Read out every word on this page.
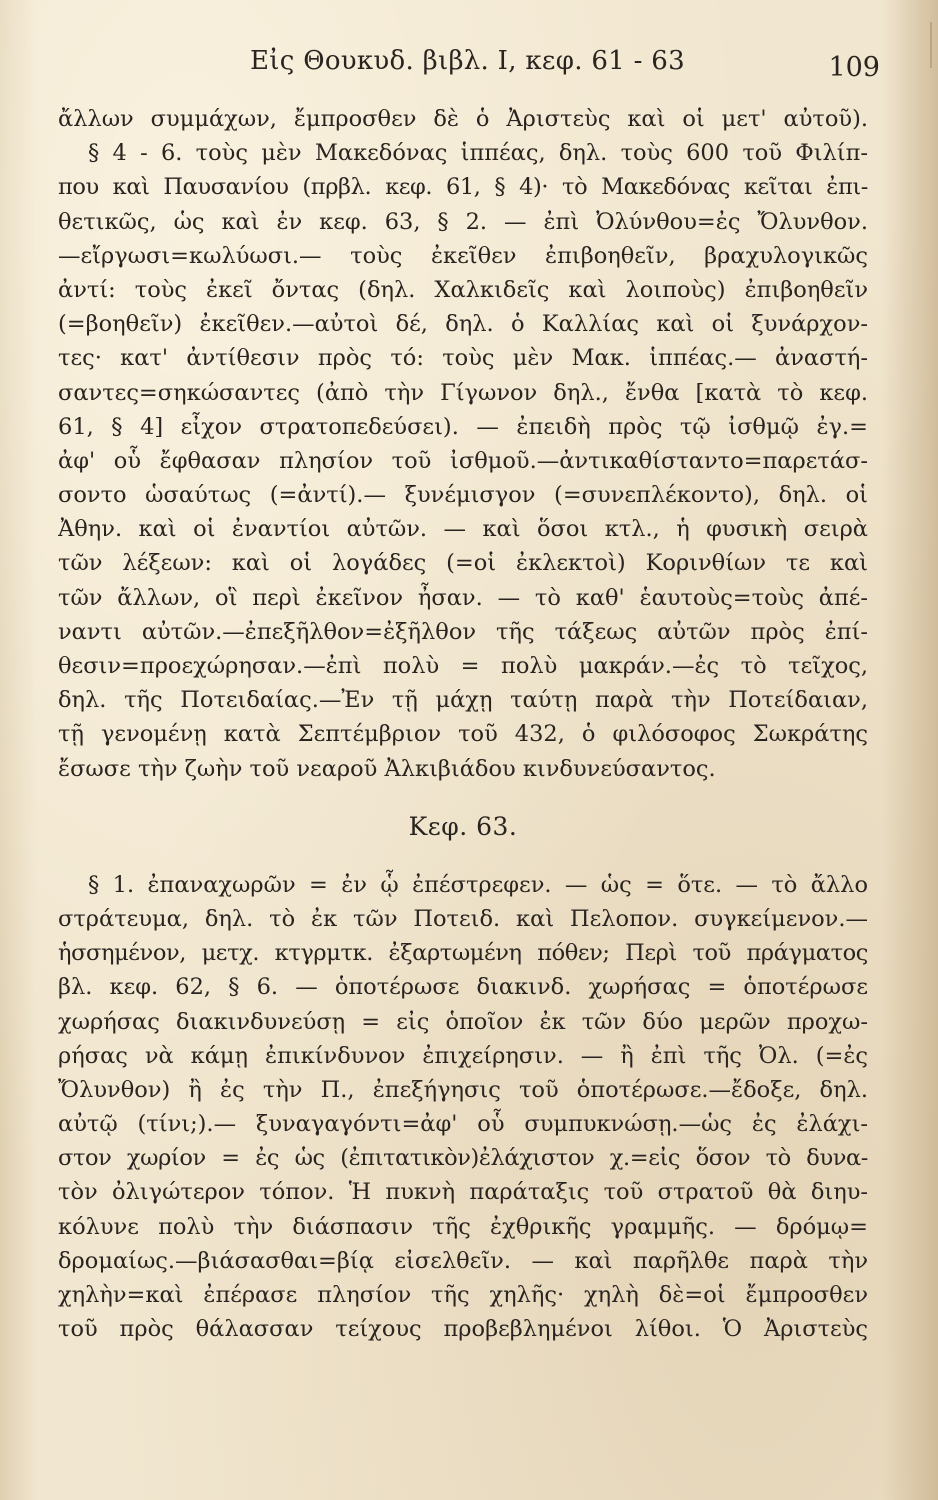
Εἰς Θουκυδ. βιβλ. Ι, κεφ. 61 - 63	109
ἄλλων συμμάχων, ἔμπροσθεν δὲ ὁ Ἀριστεὺς καὶ οἱ μετ' αὐτοῦ).
§ 4 - 6. τοὺς μὲν Μακεδόνας ἱππέας, δηλ. τοὺς 600 τοῦ Φιλίπ-
που καὶ Παυσανίου (πρβλ. κεφ. 61, § 4)· τὸ Μακεδόνας κεῖται ἐπι-
θετικῶς, ὡς καὶ ἐν κεφ. 63, § 2. — ἐπὶ Ὀλύνθου=ἐς Ὄλυνθον.
—εἴργωσι=κωλύωσι.— τοὺς ἐκεῖθεν ἐπιβοηθεῖν, βραχυλογικῶς
ἀντί: τοὺς ἐκεῖ ὄντας (δηλ. Χαλκιδεῖς καὶ λοιποὺς) ἐπιβοηθεῖν
(=βοηθεῖν) ἐκεῖθεν.—αὐτοὶ δέ, δηλ. ὁ Καλλίας καὶ οἱ ξυνάρχον-
τες· κατ' ἀντίθεσιν πρὸς τό: τοὺς μὲν Μακ. ἱππέας.— ἀναστή-
σαντες=σηκώσαντες (ἀπὸ τὴν Γίγωνον δηλ., ἔνθα [κατὰ τὸ κεφ.
61, § 4] εἶχον στρατοπεδεύσει). — ἐπειδὴ πρὸς τῷ ἰσθμῷ ἐγ.=
ἀφ' οὗ ἔφθασαν πλησίον τοῦ ἰσθμοῦ.—ἀντικαθίσταντο=παρετάσ-
σοντο ὡσαύτως (=ἀντί).— ξυνέμισγον (=συνεπλέκοντο), δηλ. οἱ
Ἀθην. καὶ οἱ ἐναντίοι αὐτῶν. — καὶ ὅσοι κτλ., ἡ φυσικὴ σειρὰ
τῶν λέξεων: καὶ οἱ λογάδες (=οἱ ἐκλεκτοὶ) Κορινθίων τε καὶ
τῶν ἄλλων, οἳ περὶ ἐκεῖνον ἦσαν. — τὸ καθ' ἑαυτοὺς=τοὺς ἀπέ-
ναντι αὐτῶν.—ἐπεξῆλθον=ἐξῆλθον τῆς τάξεως αὐτῶν πρὸς ἐπί-
θεσιν=προεχώρησαν.—ἐπὶ πολὺ = πολὺ μακράν.—ἐς τὸ τεῖχος,
δηλ. τῆς Ποτειδαίας.—Ἐν τῇ μάχῃ ταύτῃ παρὰ τὴν Ποτείδαιαν,
τῇ γενομένῃ κατὰ Σεπτέμβριον τοῦ 432, ὁ φιλόσοφος Σωκράτης
ἔσωσε τὴν ζωὴν τοῦ νεαροῦ Ἀλκιβιάδου κινδυνεύσαντος.
Κεφ. 63.
§ 1. ἐπαναχωρῶν = ἐν ᾧ ἐπέστρεφεν. — ὡς = ὅτε. — τὸ ἄλλο
στράτευμα, δηλ. τὸ ἐκ τῶν Ποτειδ. καὶ Πελοπον. συγκείμενον.—
ἡσσημένον, μετχ. κτγρμτκ. ἐξαρτωμένη πόθεν; Περὶ τοῦ πράγματος
βλ. κεφ. 62, § 6. — ὁποτέρωσε διακινδ. χωρήσας = ὁποτέρωσε
χωρήσας διακινδυνεύσῃ = εἰς ὁποῖον ἐκ τῶν δύο μερῶν προχω-
ρήσας νὰ κάμῃ ἐπικίνδυνον ἐπιχείρησιν. — ἢ ἐπὶ τῆς Ὀλ. (=ἐς
Ὄλυνθον) ἢ ἐς τὴν Π., ἐπεξήγησις τοῦ ὁποτέρωσε.—ἔδοξε, δηλ.
αὐτῷ (τίνι;).— ξυναγαγόντι=ἀφ' οὗ συμπυκνώσῃ.—ὡς ἐς ἐλάχι-
στον χωρίον = ἐς ὡς (ἐπιτατικὸν)ἐλάχιστον χ.=εἰς ὅσον τὸ δυνα-
τὸν ὀλιγώτερον τόπον. Ἡ πυκνὴ παράταξις τοῦ στρατοῦ θὰ διηυ-
κόλυνε πολὺ τὴν διάσπασιν τῆς ἐχθρικῆς γραμμῆς. — δρόμῳ=
δρομαίως.—βιάσασθαι=βίᾳ εἰσελθεῖν. — καὶ παρῆλθε παρὰ τὴν
χηλὴν=καὶ ἐπέρασε πλησίον τῆς χηλῆς· χηλὴ δὲ=οἱ ἔμπροσθεν
τοῦ πρὸς θάλασσαν τείχους προβεβλημένοι λίθοι. Ὁ Ἀριστεὺς
